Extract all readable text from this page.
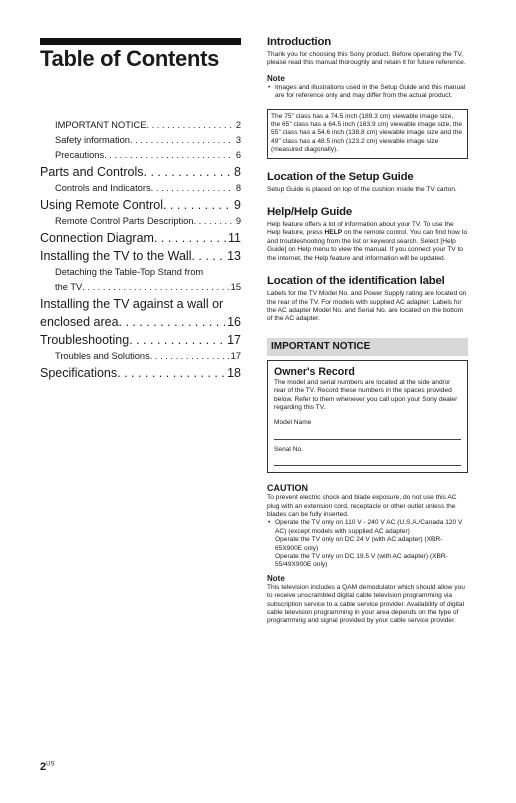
Table of Contents
IMPORTANT NOTICE . . .	2
Safety information . . .	3
Precautions . . .	6
Parts and Controls . . .	8
Controls and Indicators . . .	8
Using Remote Control . . .	9
Remote Control Parts Description . . .	9
Connection Diagram . . .	11
Installing the TV to the Wall . . .	13
Detaching the Table-Top Stand from
the TV . . .	15
Installing the TV against a wall or
enclosed area . . .	16
Troubleshooting . . .	17
Troubles and Solutions . . .	17
Specifications . . .	18
Introduction

Thank you for choosing this Sony product. Before operating the TV, please read this manual thoroughly and retain it for future reference.

Note
• Images and illustrations used in the Setup Guide and this manual are for reference only and may differ from the actual product.
The 75" class has a 74.5 inch (189.3 cm) viewable image size, the 65" class has a 64.5 inch (163.9 cm) viewable image size, the 55" class has a 54.6 inch (138.8 cm) viewable image size and the 49" class has a 48.5 inch (123.2 cm) viewable image size (measured diagonally).
Location of the Setup Guide

Setup Guide is placed on top of the cushion inside the TV carton.

Help/Help Guide

Help feature offers a lot of information about your TV. To use the Help feature, press HELP on the remote control. You can find how to and troubleshooting from the list or keyword search. Select [Help Guide] on Help menu to view the manual. If you connect your TV to the internet, the Help feature and information will be updated.

Location of the identification label

Labels for the TV Model No. and Power Supply rating are located on the rear of the TV. For models with supplied AC adapter: Labels for the AC adapter Model No. and Serial No. are located on the bottom of the AC adapter.

IMPORTANT NOTICE
Owner's Record

The model and serial numbers are located at the side and/or rear of the TV. Record these numbers in the spaces provided below. Refer to them whenever you call upon your Sony dealer regarding this TV.

Model Name
Serial No.
CAUTION

To prevent electric shock and blade exposure, do not use this AC plug with an extension cord, receptacle or other outlet unless the blades can be fully inserted.

• Operate the TV only on 110 V - 240 V AC (U.S.A./Canada 120 V AC) (except models with supplied AC adapter)
Operate the TV only on DC 24 V (with AC adapter) (XBR-65X900E only)
Operate the TV only on DC 19.5 V (with AC adapter) (XBR-55/49X900E only)
Note

This television includes a QAM demodulator which should allow you to receive unscrambled digital cable television programming via subscription service to a cable service provider. Availability of digital cable television programming in your area depends on the type of programming and signal provided by your cable service provider.

$2^{US}$
